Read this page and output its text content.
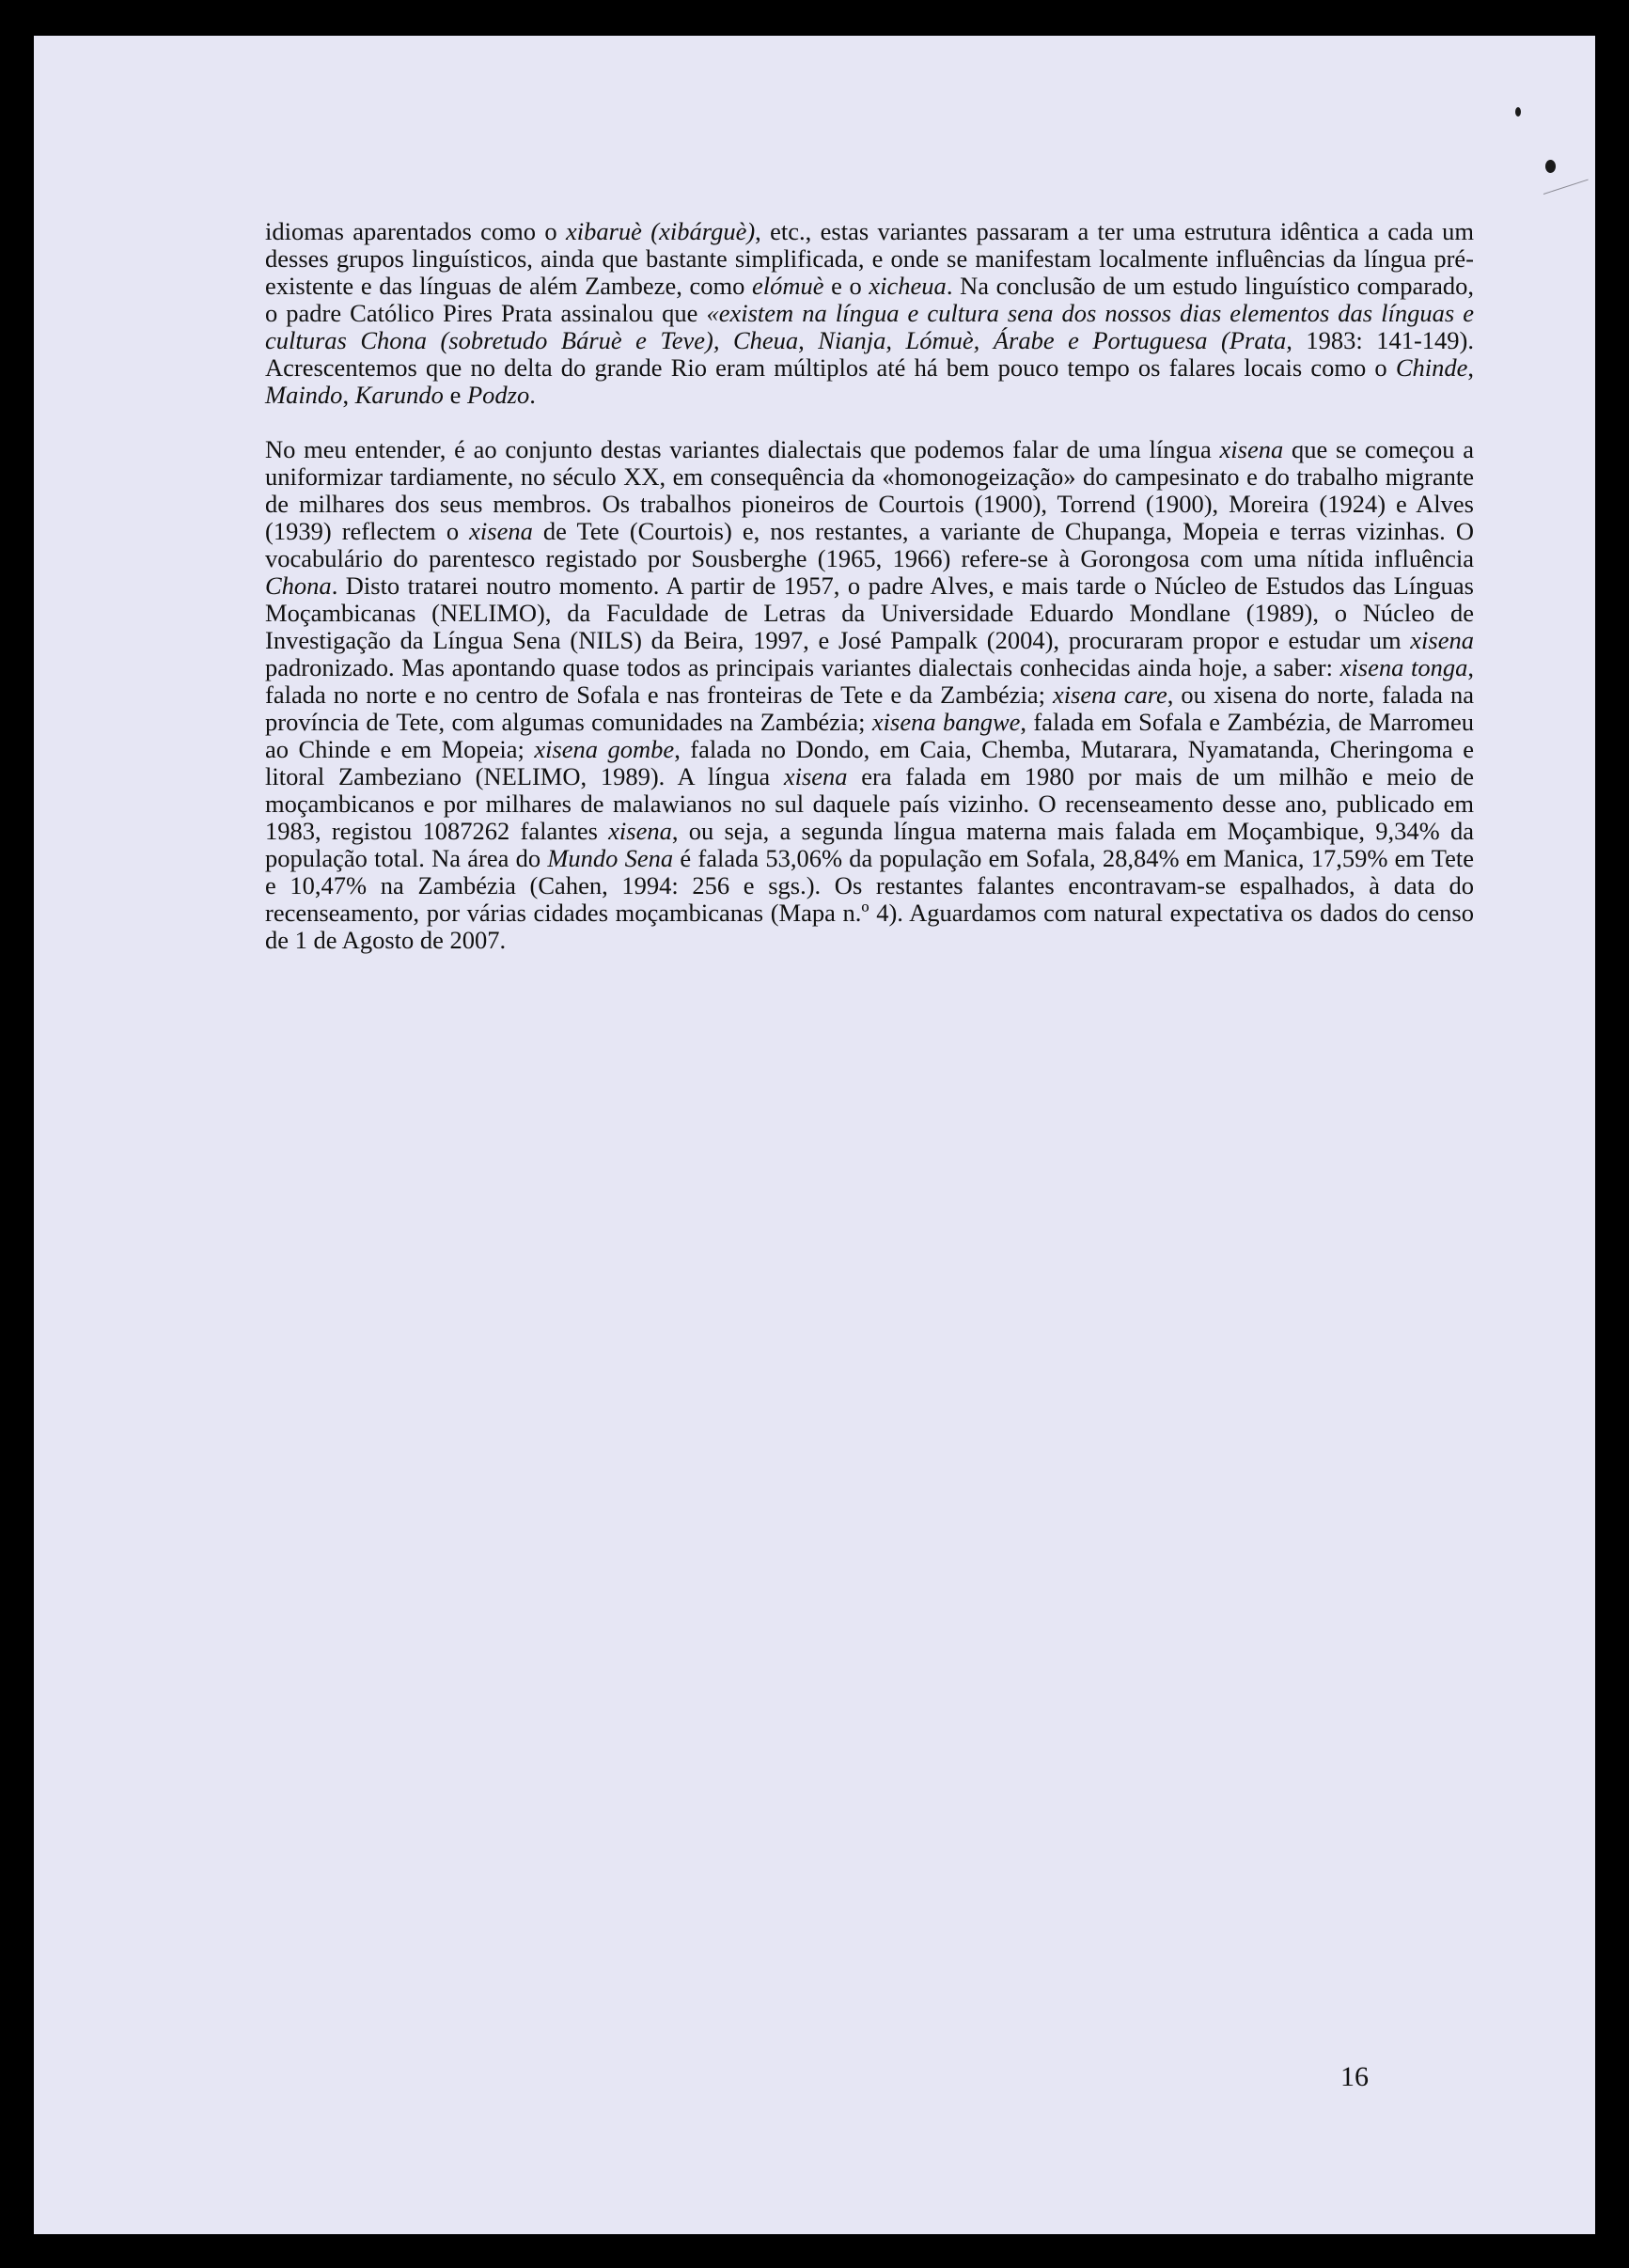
idiomas aparentados como o xibaruè (xibárguè), etc., estas variantes passaram a ter uma estrutura idêntica a cada um desses grupos linguísticos, ainda que bastante simplificada, e onde se manifestam localmente influências da língua pré-existente e das línguas de além Zambeze, como elómuè e o xicheua. Na conclusão de um estudo linguístico comparado, o padre Católico Pires Prata assinalou que «existem na língua e cultura sena dos nossos dias elementos das línguas e culturas Chona (sobretudo Báruè e Teve), Cheua, Nianja, Lómuè, Árabe e Portuguesa (Prata, 1983: 141-149). Acrescentemos que no delta do grande Rio eram múltiplos até há bem pouco tempo os falares locais como o Chinde, Maindo, Karundo e Podzo.

No meu entender, é ao conjunto destas variantes dialectais que podemos falar de uma língua xisena que se começou a uniformizar tardiamente, no século XX, em consequência da «homonogeização» do campesinato e do trabalho migrante de milhares dos seus membros. Os trabalhos pioneiros de Courtois (1900), Torrend (1900), Moreira (1924) e Alves (1939) reflectem o xisena de Tete (Courtois) e, nos restantes, a variante de Chupanga, Mopeia e terras vizinhas. O vocabulário do parentesco registado por Sousberghe (1965, 1966) refere-se à Gorongosa com uma nítida influência Chona. Disto tratarei noutro momento. A partir de 1957, o padre Alves, e mais tarde o Núcleo de Estudos das Línguas Moçambicanas (NELIMO), da Faculdade de Letras da Universidade Eduardo Mondlane (1989), o Núcleo de Investigação da Língua Sena (NILS) da Beira, 1997, e José Pampalk (2004), procuraram propor e estudar um xisena padronizado. Mas apontando quase todos as principais variantes dialectais conhecidas ainda hoje, a saber: xisena tonga, falada no norte e no centro de Sofala e nas fronteiras de Tete e da Zambézia; xisena care, ou xisena do norte, falada na província de Tete, com algumas comunidades na Zambézia; xisena bangwe, falada em Sofala e Zambézia, de Marromeu ao Chinde e em Mopeia; xisena gombe, falada no Dondo, em Caia, Chemba, Mutarara, Nyamatanda, Cheringoma e litoral Zambeziano (NELIMO, 1989). A língua xisena era falada em 1980 por mais de um milhão e meio de moçambicanos e por milhares de malawianos no sul daquele país vizinho. O recenseamento desse ano, publicado em 1983, registou 1087262 falantes xisena, ou seja, a segunda língua materna mais falada em Moçambique, 9,34% da população total. Na área do Mundo Sena é falada 53,06% da população em Sofala, 28,84% em Manica, 17,59% em Tete e 10,47% na Zambézia (Cahen, 1994: 256 e sgs.). Os restantes falantes encontravam-se espalhados, à data do recenseamento, por várias cidades moçambicanas (Mapa n.º 4). Aguardamos com natural expectativa os dados do censo de 1 de Agosto de 2007.

16
